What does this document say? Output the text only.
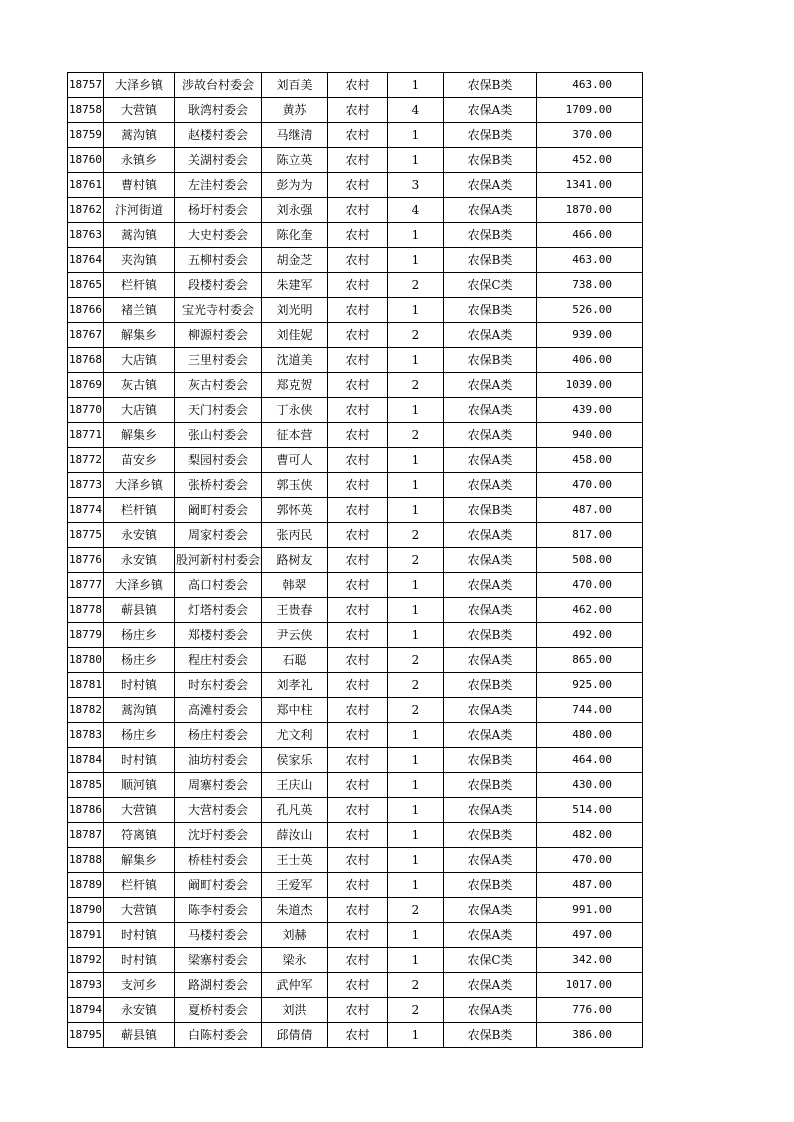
18757	大泽乡镇	涉故台村委会	刘百美	农村	1	农保B类	463.00
18758	大营镇	耿湾村委会	黄苏	农村	4	农保A类	1709.00
18759	蒿沟镇	赵楼村委会	马继清	农村	1	农保B类	370.00
18760	永镇乡	关湖村委会	陈立英	农村	1	农保B类	452.00
18761	曹村镇	左洼村委会	彭为为	农村	3	农保A类	1341.00
18762	汴河街道	杨圩村委会	刘永强	农村	4	农保A类	1870.00
18763	蒿沟镇	大史村委会	陈化奎	农村	1	农保B类	466.00
18764	夹沟镇	五柳村委会	胡金芝	农村	1	农保B类	463.00
18765	栏杆镇	段楼村委会	朱建军	农村	2	农保C类	738.00
18766	褚兰镇	宝光寺村委会	刘光明	农村	1	农保B类	526.00
18767	解集乡	柳源村委会	刘佳妮	农村	2	农保A类	939.00
18768	大店镇	三里村委会	沈道美	农村	1	农保B类	406.00
18769	灰古镇	灰古村委会	郑克贺	农村	2	农保A类	1039.00
18770	大店镇	天门村委会	丁永侠	农村	1	农保A类	439.00
18771	解集乡	张山村委会	征本营	农村	2	农保A类	940.00
18772	苗安乡	梨园村委会	曹可人	农村	1	农保A类	458.00
18773	大泽乡镇	张桥村委会	郭玉侠	农村	1	农保A类	470.00
18774	栏杆镇	阚町村委会	郭怀英	农村	1	农保B类	487.00
18775	永安镇	周家村委会	张丙民	农村	2	农保A类	817.00
18776	永安镇	股河新村村委会	路树友	农村	2	农保A类	508.00
18777	大泽乡镇	高口村委会	韩翠	农村	1	农保A类	470.00
18778	蕲县镇	灯塔村委会	王贵春	农村	1	农保A类	462.00
18779	杨庄乡	郑楼村委会	尹云侠	农村	1	农保B类	492.00
18780	杨庄乡	程庄村委会	石聪	农村	2	农保A类	865.00
18781	时村镇	时东村委会	刘孝礼	农村	2	农保B类	925.00
18782	蒿沟镇	高滩村委会	郑中柱	农村	2	农保A类	744.00
18783	杨庄乡	杨庄村委会	尤文利	农村	1	农保A类	480.00
18784	时村镇	油坊村委会	侯家乐	农村	1	农保B类	464.00
18785	顺河镇	周寨村委会	王庆山	农村	1	农保B类	430.00
18786	大营镇	大营村委会	孔凡英	农村	1	农保A类	514.00
18787	符离镇	沈圩村委会	薛汝山	农村	1	农保B类	482.00
18788	解集乡	桥桂村委会	王士英	农村	1	农保A类	470.00
18789	栏杆镇	阚町村委会	王爱军	农村	1	农保B类	487.00
18790	大营镇	陈李村委会	朱道杰	农村	2	农保A类	991.00
18791	时村镇	马楼村委会	刘赫	农村	1	农保A类	497.00
18792	时村镇	梁寨村委会	梁永	农村	1	农保C类	342.00
18793	支河乡	路湖村委会	武仲军	农村	2	农保A类	1017.00
18794	永安镇	夏桥村委会	刘洪	农村	2	农保A类	776.00
18795	蕲县镇	白陈村委会	邱倩倩	农村	1	农保B类	386.00
